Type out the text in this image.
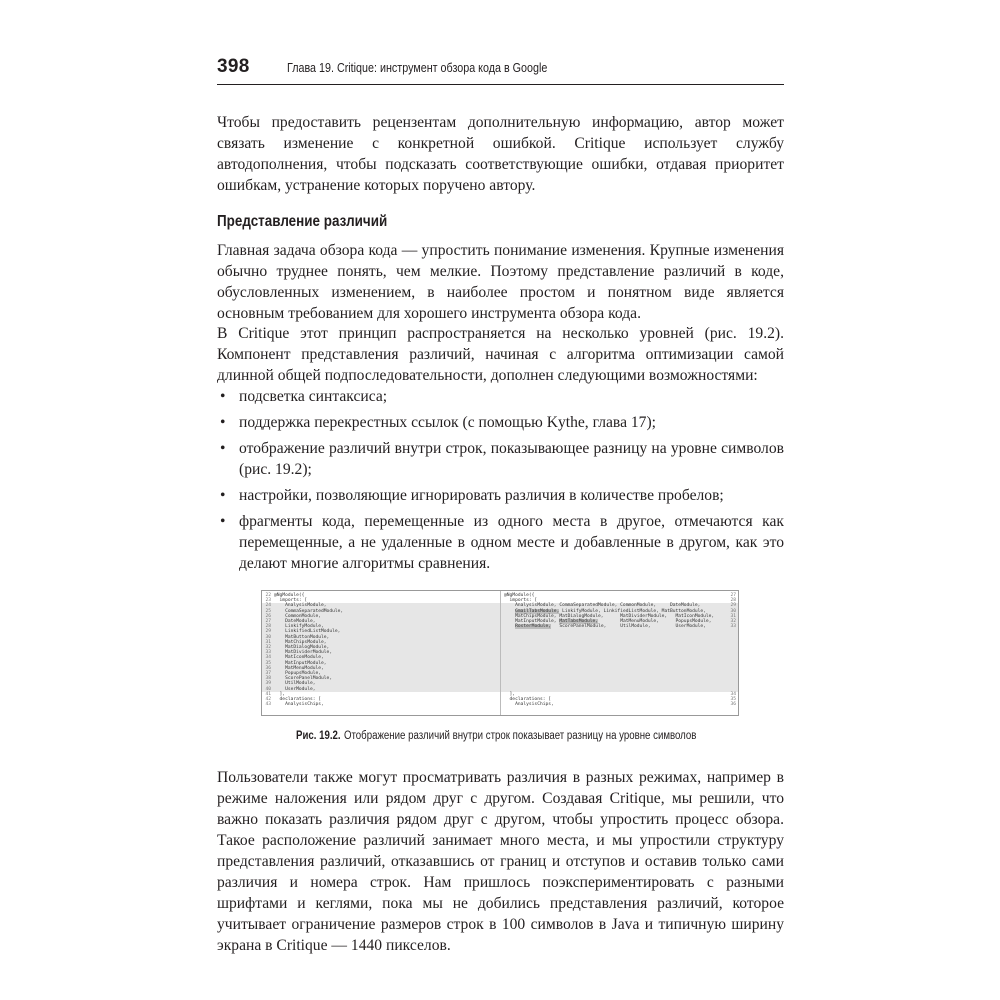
398	Глава 19. Critique: инструмент обзора кода в Google

Чтобы предоставить рецензентам дополнительную информацию, автор может связать изменение с конкретной ошибкой. Critique использует службу автодополнения, чтобы подсказать соответствующие ошибки, отдавая приоритет ошибкам, устранение которых поручено автору.

Представление различий

Главная задача обзора кода — упростить понимание изменения. Крупные изменения обычно труднее понять, чем мелкие. Поэтому представление различий в коде, обусловленных изменением, в наиболее простом и понятном виде является основным требованием для хорошего инструмента обзора кода.

В Critique этот принцип распространяется на несколько уровней (рис. 19.2). Компонент представления различий, начиная с алгоритма оптимизации самой длинной общей подпоследовательности, дополнен следующими возможностями:

• подсветка синтаксиса;
• поддержка перекрестных ссылок (с помощью Kythe, глава 17);
• отображение различий внутри строк, показывающее разницу на уровне символов (рис. 19.2);
• настройки, позволяющие игнорировать различия в количестве пробелов;
• фрагменты кода, перемещенные из одного места в другое, отмечаются как перемещенные, а не удаленные в одном месте и добавленные в другом, как это делают многие алгоритмы сравнения.
22 @NgModule({
23  imports: [
24    AnalysisModule,
25    CommaSeparatedModule,
26    CommonModule,
27    DateModule,
28    LinkifyModule,
29    LinkifiedListModule,
30    MatButtonModule,
31    MatChipsModule,
32    MatDialogModule,
33    MatDividerModule,
34    MatIconModule,
35    MatInputModule,
36    MatMenuModule,
37    PopupsModule,
38    ScorePanelModule,
39    UtilModule,
40    UserModule,
41  ],
42  declarations: [
43    AnalysisChips,
@NgModule({	27
imports: [	28
AnalysisModule, CommaSeparatedModule, CommonModule,     DateModule,	29
GmailTabsModule, LinkifyModule, LinkifiedListModule, MatButtonModule,	30
MatChipsModule, MatDialogModule,      MatDividerModule,   MatIconModule,	31
MatInputModule, MatTabsModule,        MatMenuModule,      PopupsModule,	32
RosterModule,   ScorePanelModule,     UtilModule,         UserModule,	33
],	34
declarations: [	35
AnalysisChips,	36
Рис. 19.2. Отображение различий внутри строк показывает разницу на уровне символов

Пользователи также могут просматривать различия в разных режимах, например в режиме наложения или рядом друг с другом. Создавая Critique, мы решили, что важно показать различия рядом друг с другом, чтобы упростить процесс обзора. Такое расположение различий занимает много места, и мы упростили структуру представления различий, отказавшись от границ и отступов и оставив только сами различия и номера строк. Нам пришлось поэкспериментировать с разными шрифтами и кеглями, пока мы не добились представления различий, которое учитывает ограничение размеров строк в 100 символов в Java и типичную ширину экрана в Critique — 1440 пикселов.
